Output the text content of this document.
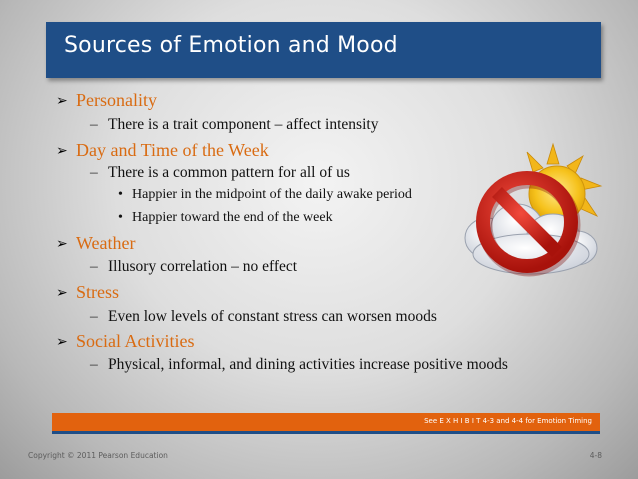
Sources of Emotion and Mood
➢ Personality
– There is a trait component – affect intensity
➢ Day and Time of the Week
– There is a common pattern for all of us
• Happier in the midpoint of the daily awake period
• Happier toward the end of the week
➢ Weather
– Illusory correlation – no effect
➢ Stress
– Even low levels of constant stress can worsen moods
➢ Social Activities
– Physical, informal, and dining activities increase positive moods
See E X H I B I T 4-3 and 4-4 for Emotion Timing
Copyright © 2011 Pearson Education	4-8
